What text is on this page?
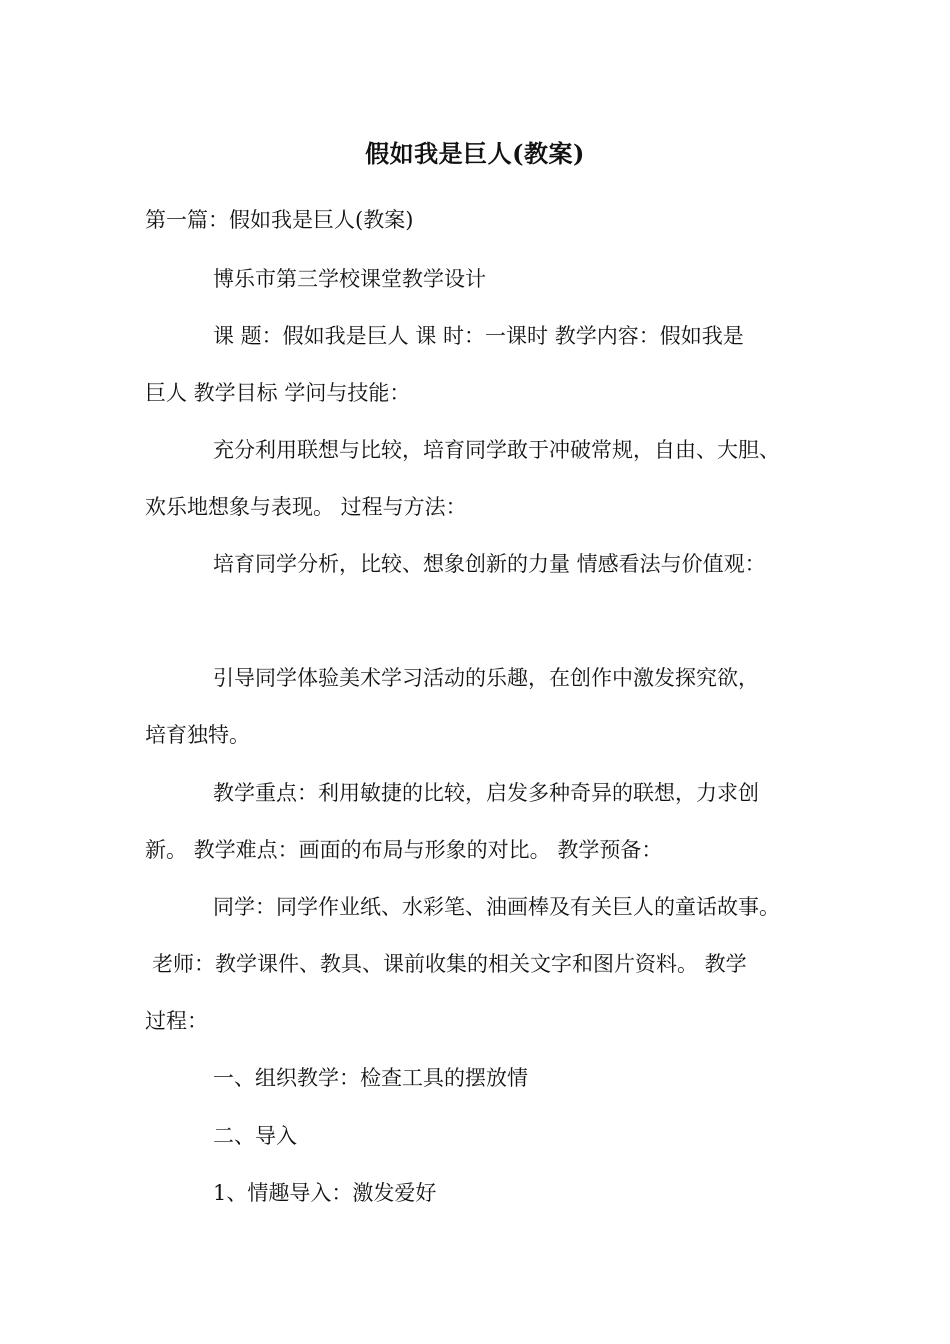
假如我是巨人(教案)

第一篇：假如我是巨人(教案)

博乐市第三学校课堂教学设计

课 题：假如我是巨人 课 时：一课时 教学内容：假如我是

巨人 教学目标 学问与技能：

充分利用联想与比较，培育同学敢于冲破常规，自由、大胆、

欢乐地想象与表现。 过程与方法：

培育同学分析，比较、想象创新的力量 情感看法与价值观：

引导同学体验美术学习活动的乐趣，在创作中激发探究欲，

培育独特。

教学重点：利用敏捷的比较，启发多种奇异的联想，力求创

新。 教学难点：画面的布局与形象的对比。 教学预备：

同学：同学作业纸、水彩笔、油画棒及有关巨人的童话故事。

老师：教学课件、教具、课前收集的相关文字和图片资料。 教学

过程：

一、组织教学：检查工具的摆放情

二、导入

1、情趣导入：激发爱好
